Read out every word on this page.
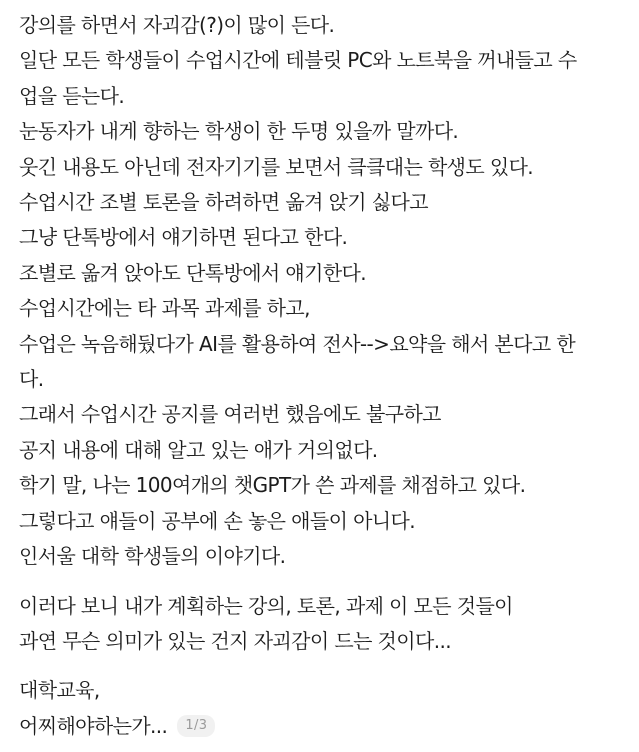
강의를 하면서 자괴감(?)이 많이 든다.
일단 모든 학생들이 수업시간에 테블릿 PC와 노트북을 꺼내들고 수
업을 듣는다.
눈동자가 내게 향하는 학생이 한 두명 있을까 말까다.
웃긴 내용도 아닌데 전자기기를 보면서 킄킄대는 학생도 있다.
수업시간 조별 토론을 하려하면 옮겨 앉기 싫다고
그냥 단톡방에서 얘기하면 된다고 한다.
조별로 옮겨 앉아도 단톡방에서 얘기한다.
수업시간에는 타 과목 과제를 하고,
수업은 녹음해뒀다가 AI를 활용하여 전사-->요약을 해서 본다고 한
다.
그래서 수업시간 공지를 여러번 했음에도 불구하고
공지 내용에 대해 알고 있는 애가 거의없다.
학기 말, 나는 100여개의 챗GPT가 쓴 과제를 채점하고 있다.
그렇다고 얘들이 공부에 손 놓은 애들이 아니다.
인서울 대학 학생들의 이야기다.
이러다 보니 내가 계획하는 강의, 토론, 과제 이 모든 것들이
과연 무슨 의미가 있는 건지 자괴감이 드는 것이다...
대학교육,
어찌해야하는가...	1/3
